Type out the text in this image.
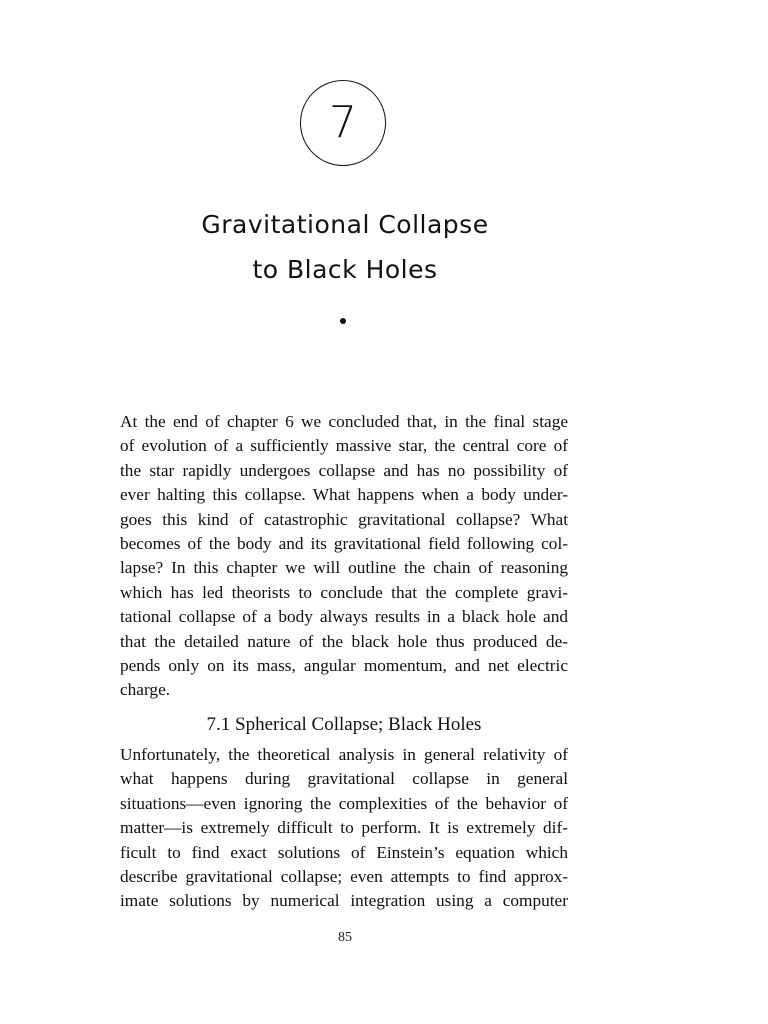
7
Gravitational Collapse
to Black Holes

At the end of chapter 6 we concluded that, in the final stage
of evolution of a sufficiently massive star, the central core of
the star rapidly undergoes collapse and has no possibility of
ever halting this collapse. What happens when a body under-
goes this kind of catastrophic gravitational collapse? What
becomes of the body and its gravitational field following col-
lapse? In this chapter we will outline the chain of reasoning
which has led theorists to conclude that the complete gravi-
tational collapse of a body always results in a black hole and
that the detailed nature of the black hole thus produced de-
pends only on its mass, angular momentum, and net electric
charge.

7.1 Spherical Collapse; Black Holes

Unfortunately, the theoretical analysis in general relativity of
what happens during gravitational collapse in general
situations—even ignoring the complexities of the behavior of
matter—is extremely difficult to perform. It is extremely dif-
ficult to find exact solutions of Einstein’s equation which
describe gravitational collapse; even attempts to find approx-
imate solutions by numerical integration using a computer

85
